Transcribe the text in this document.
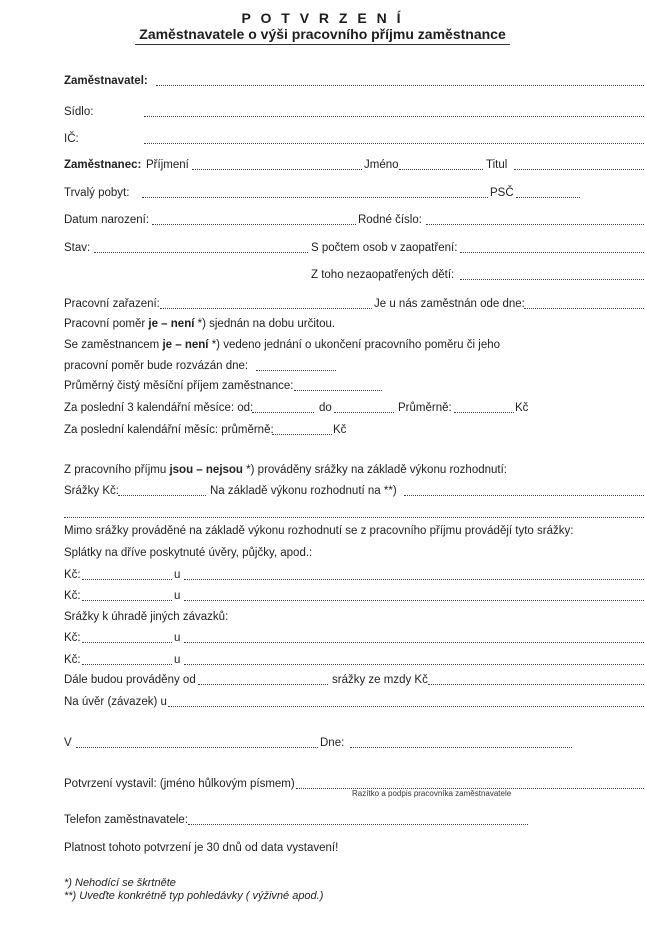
P O T V R Z E N Í
Zaměstnavatele o výši pracovního příjmu zaměstnance
Zaměstnavatel:
Sídlo:
IČ:
Zaměstnanec: Příjmení	Jméno	Titul
Trvalý pobyt:	PSČ
Datum narození:	Rodné číslo:
Stav:	S počtem osob v zaopatření:
Z toho nezaopatřených dětí:
Pracovní zařazení:	Je u nás zaměstnán ode dne:
Pracovní poměr je – není *) sjednán na dobu určitou.
Se zaměstnancem je – není *) vedeno jednání o ukončení pracovního poměru či jeho
pracovní poměr bude rozvázán dne:
Průměrný čistý měsíční příjem zaměstnance:
Za poslední 3 kalendářní měsíce: od:	do	Průměrně:	Kč
Za poslední kalendářní měsíc: průměrně:	Kč
Z pracovního příjmu jsou – nejsou *) prováděny srážky na základě výkonu rozhodnutí:
Srážky Kč:	Na základě výkonu rozhodnutí na **)
Mimo srážky prováděné na základě výkonu rozhodnutí se z pracovního příjmu provádějí tyto srážky:
Splátky na dříve poskytnuté úvěry, půjčky, apod.:
Kč:	u
Kč:	u
Srážky k úhradě jiných závazků:
Kč:	u
Kč:	u
Dále budou prováděny od	srážky ze mzdy Kč
Na úvěr (závazek) u
V	Dne:
Potvrzení vystavil: (jméno hůlkovým písmem)
Razítko a podpis pracovníka zaměstnavatele
Telefon zaměstnavatele:
Platnost tohoto potvrzení je 30 dnů od data vystavení!
*) Nehodící se škrtněte
**) Uveďte konkrétně typ pohledávky ( výživné apod.)
